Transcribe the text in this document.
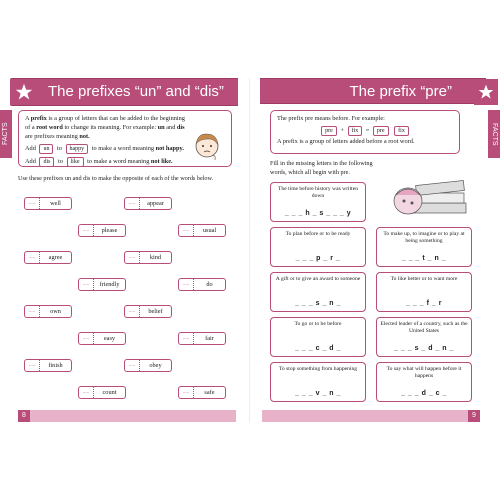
The prefixes “un” and “dis”	The prefix “pre”
FACTS	FACTS
A prefix is a group of letters that can be added to the beginning of a root word to change its meaning. For example: un and dis are prefixes meaning not.
Add un to happy to make a word meaning not happy.
Add dis to like to make a word meaning not like.
Use these prefixes un and dis to make the opposite of each of the words below.
.....	well	.....	appear
.....	please	.....	usual
.....	agree	.....	kind
.....	friendly	.....	do
.....	own	.....	belief
.....	easy	.....	fair
.....	finish	.....	obey
.....	count	.....	safe
The prefix pre means before. For example:
pre + fix = pre fix
A prefix is a group of letters added before a root word.
Fill in the missing letters in the following words, which all begin with pre.
The time before history was written down
_ _ _ h _ s _ _ _ y
To plan before or to be ready
_ _ _ p _ r _
To make up, to imagine or to play at being something
_ _ _ t _ n _
A gift or to give an award to someone
_ _ _ s _ n _
To like better or to want more
_ _ _ f _ r
To go or to be before
_ _ _ c _ d _
Elected leader of a country, such as the United States
_ _ _ s _ d _ n _
To stop something from happening
_ _ _ v _ n _
To say what will happen before it happens
_ _ _ d _ c _
8	9
